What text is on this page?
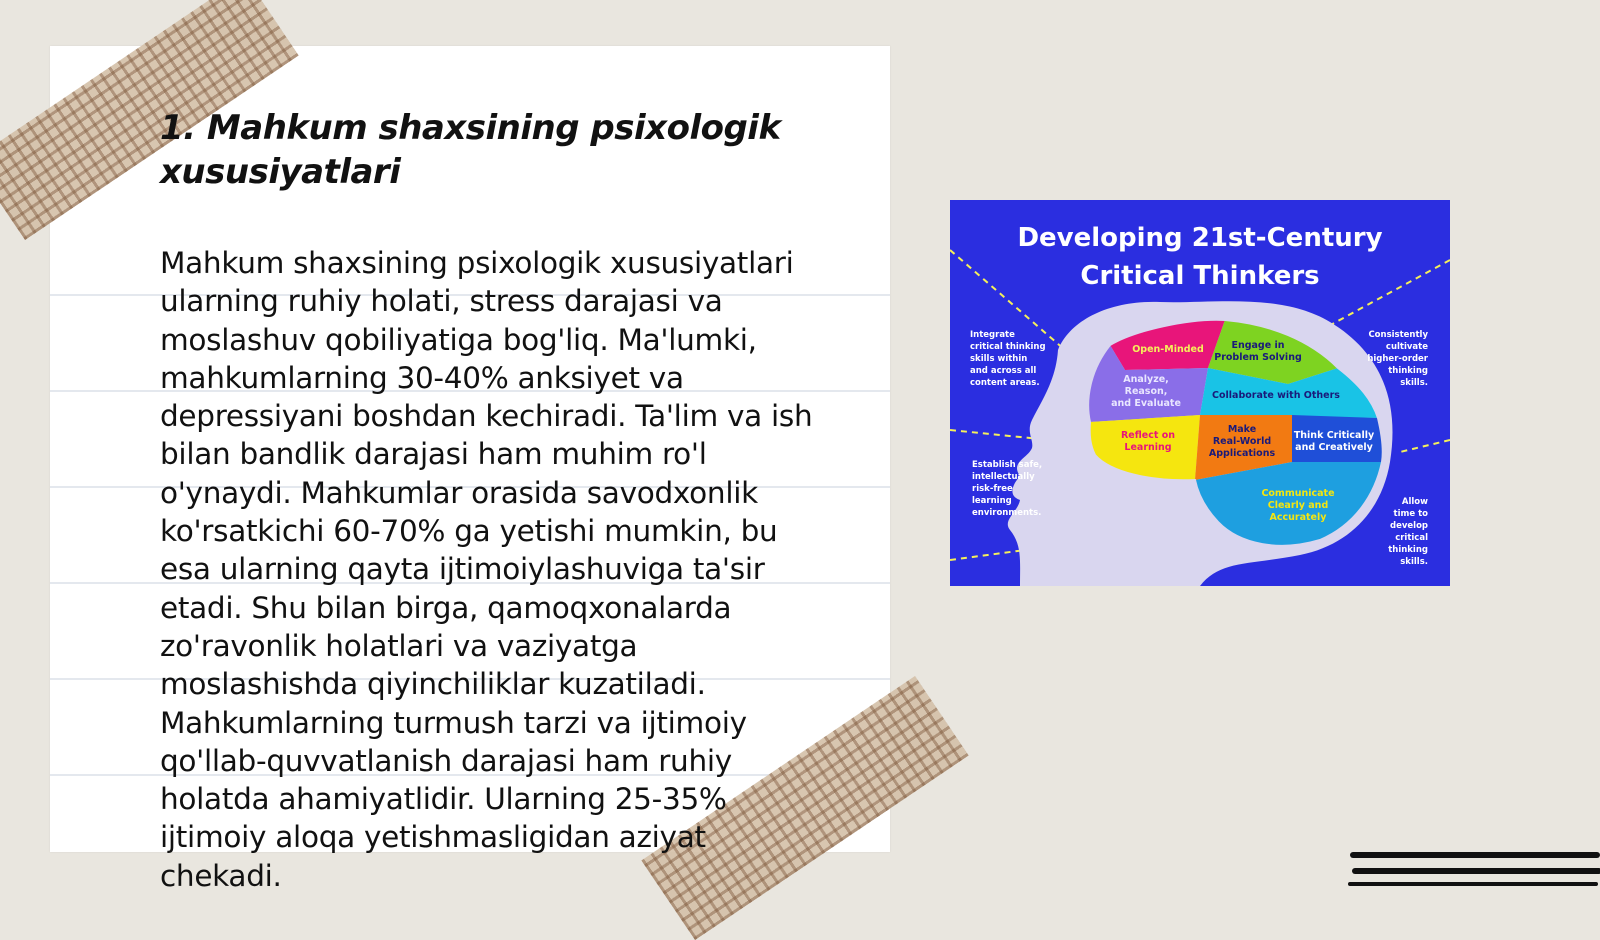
1. Mahkum shaxsining psixologik
xususiyatlari
Mahkum shaxsining psixologik xususiyatlari
ularning ruhiy holati, stress darajasi va
moslashuv qobiliyatiga bog'liq. Ma'lumki,
mahkumlarning 30-40% anksiyet va
depressiyani boshdan kechiradi. Ta'lim va ish
bilan bandlik darajasi ham muhim ro'l
o'ynaydi. Mahkumlar orasida savodxonlik
ko'rsatkichi 60-70% ga yetishi mumkin, bu
esa ularning qayta ijtimoiylashuviga ta'sir
etadi. Shu bilan birga, qamoqxonalarda
zo'ravonlik holatlari va vaziyatga
moslashishda qiyinchiliklar kuzatiladi.
Mahkumlarning turmush tarzi va ijtimoiy
qo'llab-quvvatlanish darajasi ham ruhiy
holatda ahamiyatlidir. Ularning 25-35%
ijtimoiy aloqa yetishmasligidan aziyat
chekadi.
Developing 21st-Century
Critical Thinkers
Open-Minded	Engage in
Problem Solving
Analyze,
Reason,
and Evaluate
Collaborate with Others
Reflect on
Learning
Make
Real-World
Applications
Think Critically
and Creatively
Communicate
Clearly and
Accurately
Integrate
critical thinking
skills within
and across all
content areas.
Establish safe,
intellectually
risk-free
learning
environments.
Consistently
cultivate
higher-order
thinking
skills.
Allow
time to
develop
critical
thinking
skills.
